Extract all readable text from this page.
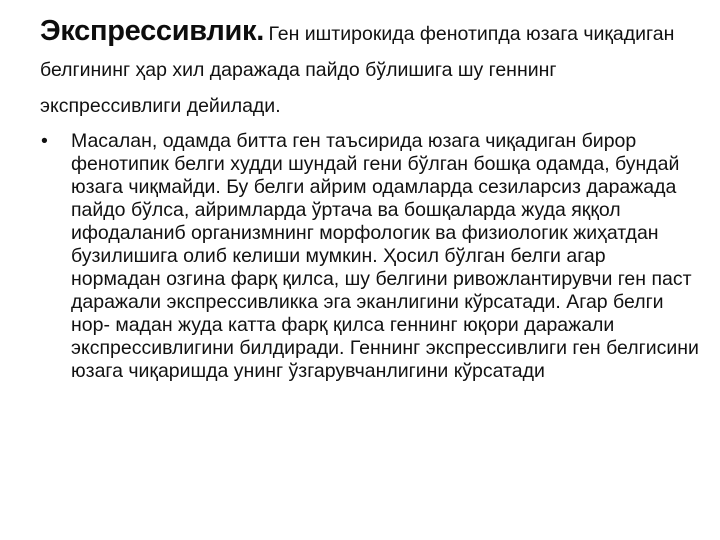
Экспрессивлик. Ген иштирокида фенотипда юзага чиқадиган белгининг ҳар хил даражада пайдо бўлишига шу геннинг экспрессивлиги дейилади.
• Масалан, одамда битта ген таъсирида юзага чиқадиган бирор фенотипик белги худди шундай гени бўлган бошқа одамда, бундай юзага чиқмайди. Бу белги айрим одамларда сезиларсиз даражада пайдо бўлса, айримларда ўртача ва бошқаларда жуда яққол ифодаланиб организмнинг морфологик ва физиологик жиҳатдан бузилишига олиб келиши мумкин. Ҳосил бўлган белги агар нормадан озгина фарқ қилса, шу белгини ривожлантирувчи ген паст даражали экспрессивликка эга эканлигини кўрсатади. Агар белги нор- мадан жуда катта фарқ қилса геннинг юқори даражали экспрессивлигини билдиради. Геннинг экспрессивлиги ген белгисини юзага чиқаришда унинг ўзгарувчанлигини кўрсатади
